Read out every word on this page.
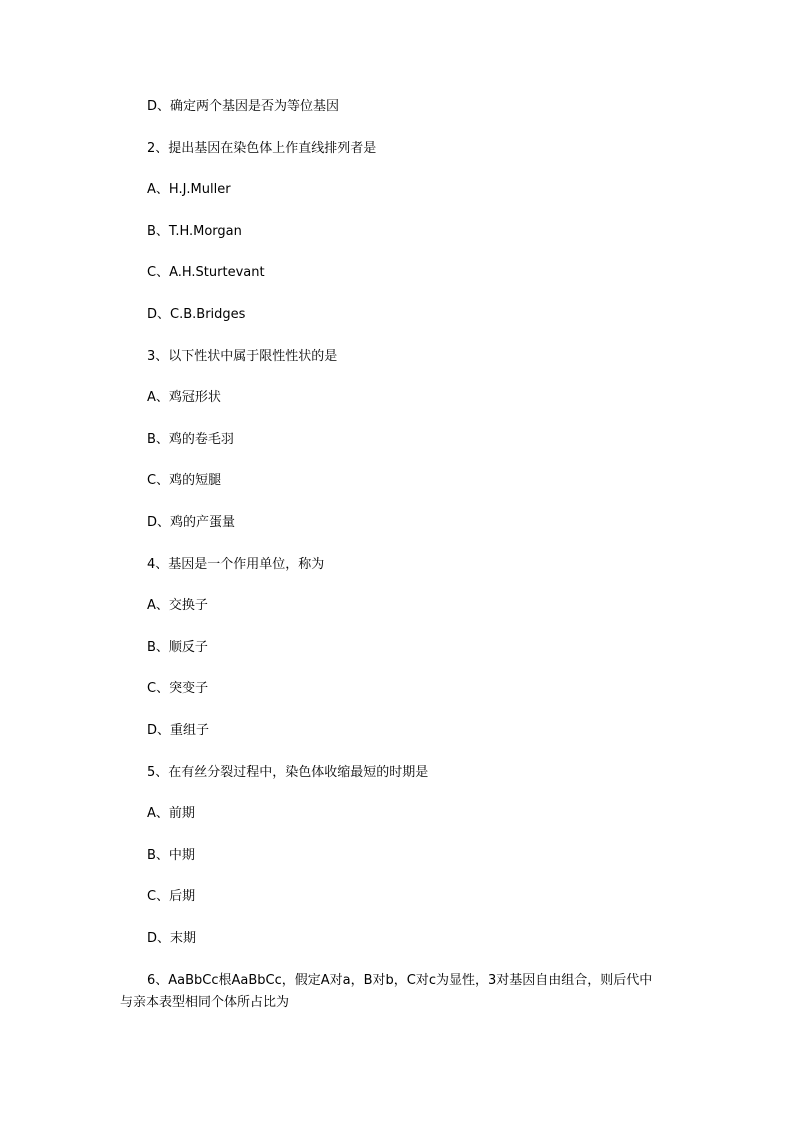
D、确定两个基因是否为等位基因
2、提出基因在染色体上作直线排列者是
A、H.J.Muller
B、T.H.Morgan
C、A.H.Sturtevant
D、C.B.Bridges
3、以下性状中属于限性性状的是
A、鸡冠形状
B、鸡的卷毛羽
C、鸡的短腿
D、鸡的产蛋量
4、基因是一个作用单位，称为
A、交换子
B、顺反子
C、突变子
D、重组子
5、在有丝分裂过程中，染色体收缩最短的时期是
A、前期
B、中期
C、后期
D、末期
6、AaBbCc根AaBbCc，假定A对a，B对b，C对c为显性，3对基因自由组合，则后代中与亲本表型相同个体所占比为
